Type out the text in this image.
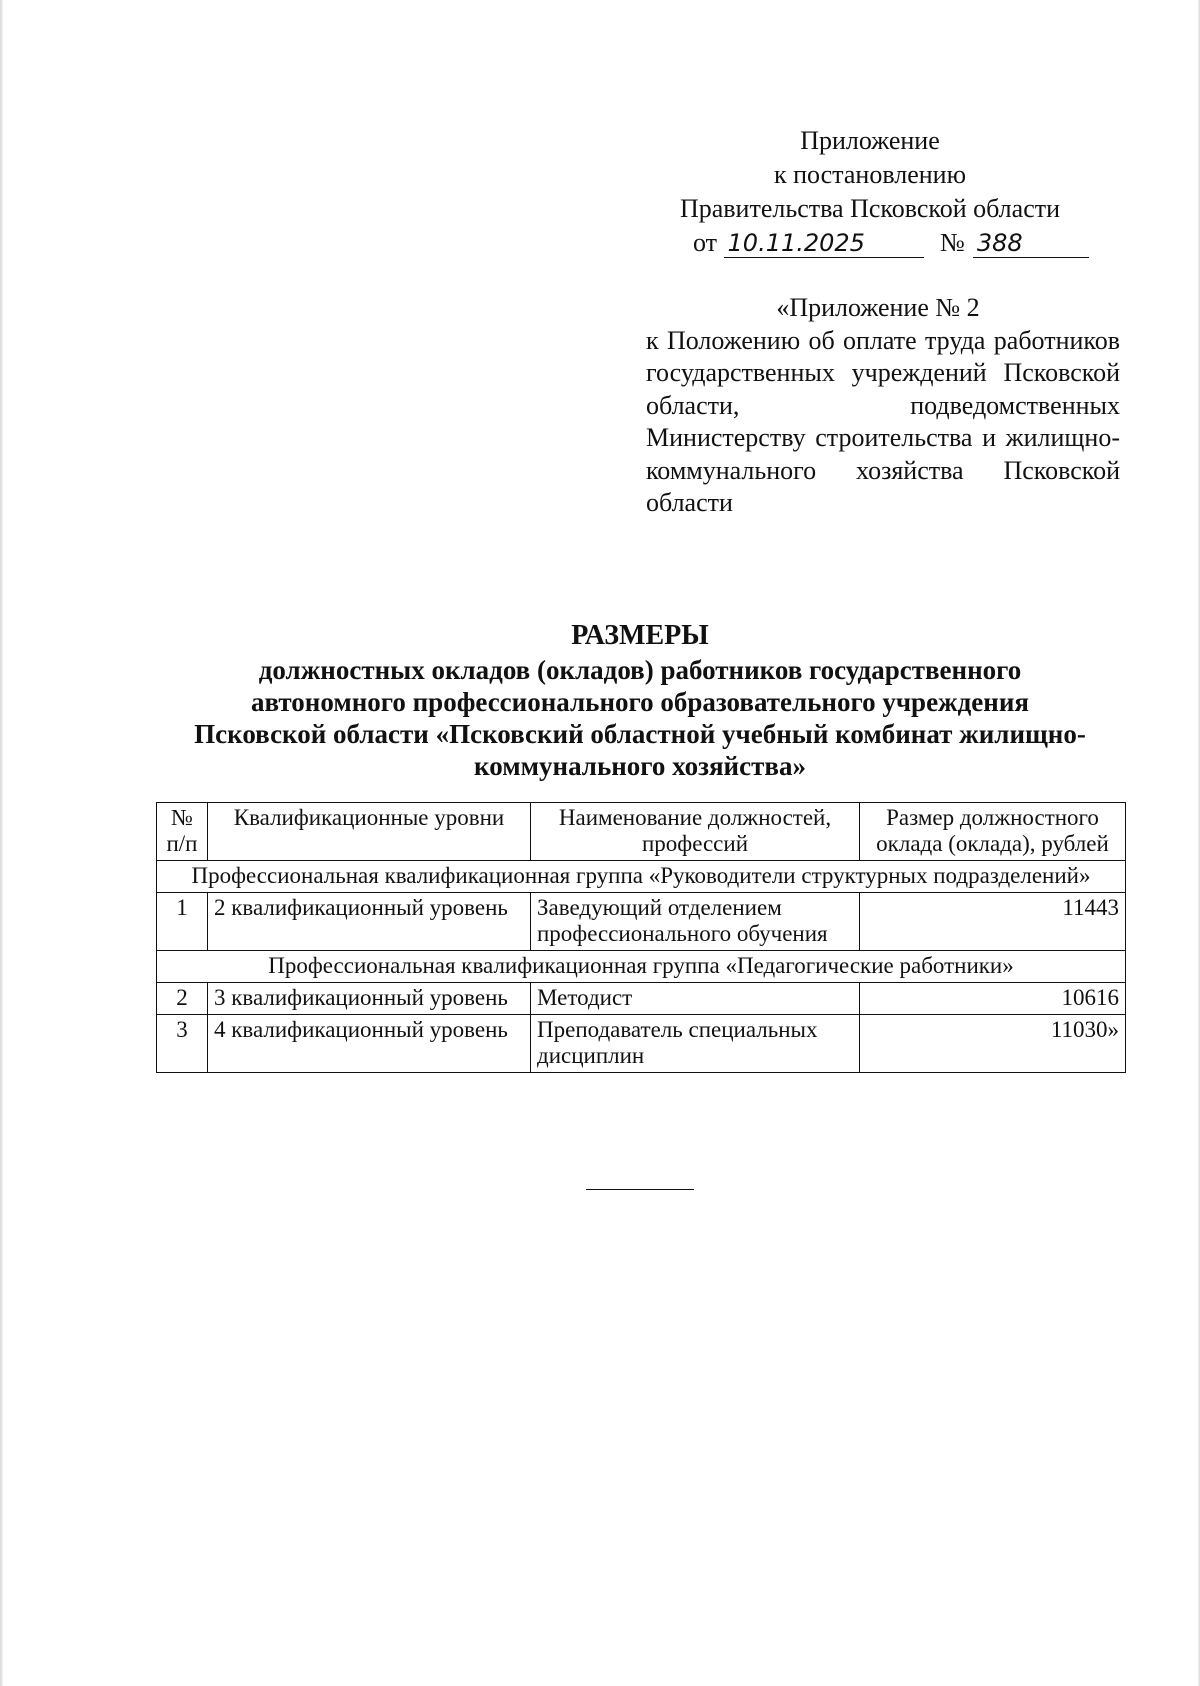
Приложение
к постановлению
Правительства Псковской области
от 10.11.2025	№ 388
«Приложение № 2
к Положению об оплате труда работников государственных учреждений Псковской области, подведомственных Министерству строительства и жилищно-коммунального хозяйства Псковской
области
РАЗМЕРЫ
должностных окладов (окладов) работников государственного
автономного профессионального образовательного учреждения
Псковской области «Псковский областной учебный комбинат жилищно-
коммунального хозяйства»
№ п/п	Квалификационные уровни	Наименование должностей, профессий	Размер должностного оклада (оклада), рублей
Профессиональная квалификационная группа «Руководители структурных подразделений»			
1	2 квалификационный уровень	Заведующий отделением профессионального обучения	11443
Профессиональная квалификационная группа «Педагогические работники»			
2	3 квалификационный уровень	Методист	10616
3	4 квалификационный уровень	Преподаватель специальных дисциплин	11030»
